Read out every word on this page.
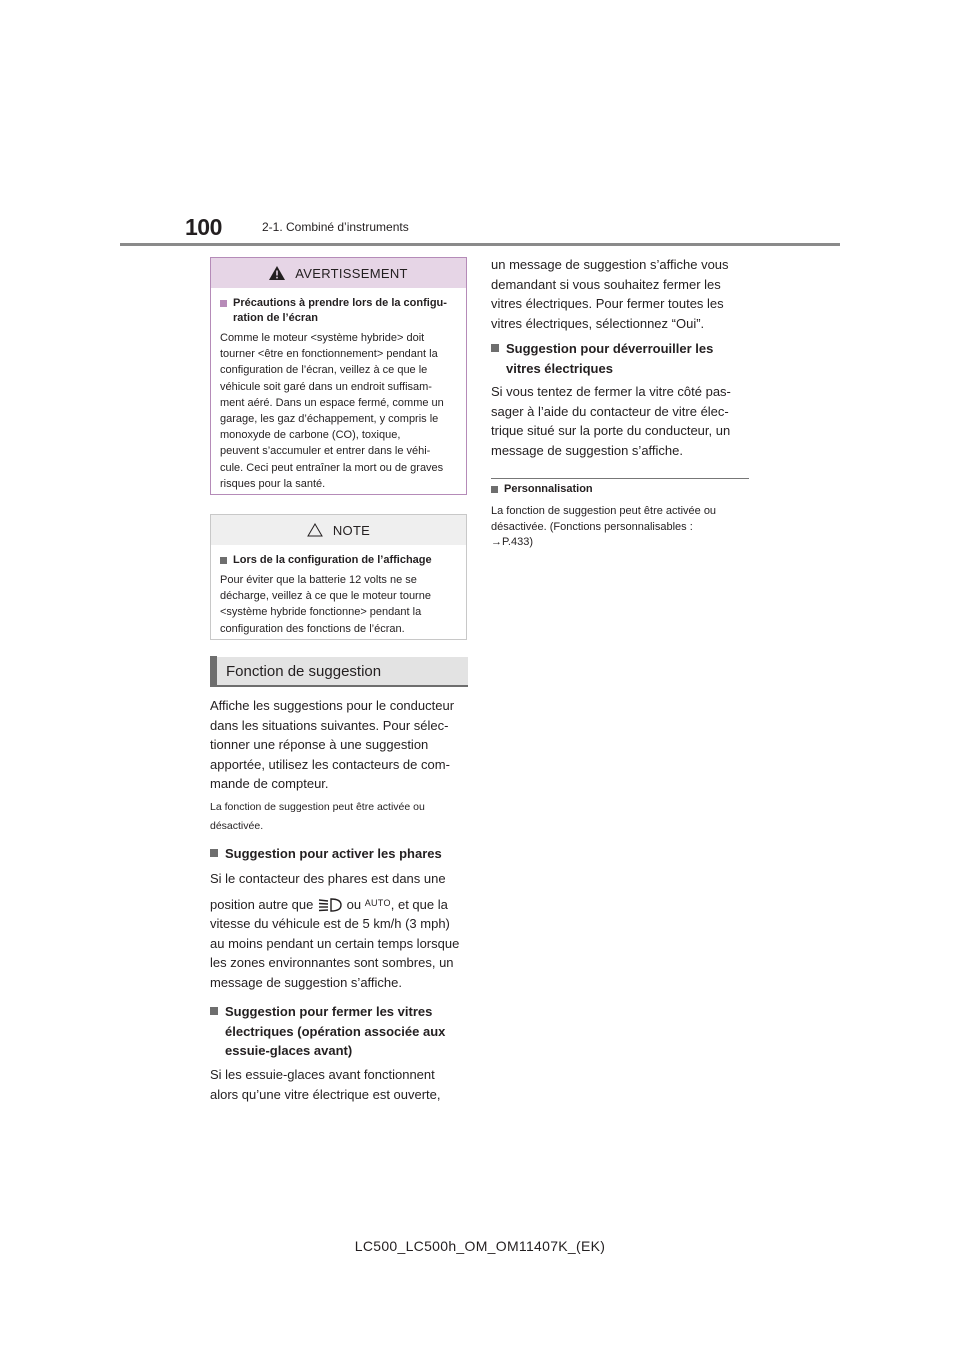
100	2-1. Combiné d’instruments
AVERTISSEMENT
Précautions à prendre lors de la configu-
ration de l’écran
Comme le moteur <système hybride> doit
tourner <être en fonctionnement> pendant la
configuration de l’écran, veillez à ce que le
véhicule soit garé dans un endroit suffisam-
ment aéré. Dans un espace fermé, comme un
garage, les gaz d’échappement, y compris le
monoxyde de carbone (CO), toxique,
peuvent s’accumuler et entrer dans le véhi-
cule. Ceci peut entraîner la mort ou de graves
risques pour la santé.
NOTE
Lors de la configuration de l’affichage
Pour éviter que la batterie 12 volts ne se
décharge, veillez à ce que le moteur tourne
<système hybride fonctionne> pendant la
configuration des fonctions de l’écran.
Fonction de suggestion
Affiche les suggestions pour le conducteur
dans les situations suivantes. Pour sélec-
tionner une réponse à une suggestion
apportée, utilisez les contacteurs de com-
mande de compteur.
La fonction de suggestion peut être activée ou
désactivée.
Suggestion pour activer les phares
Si le contacteur des phares est dans une
position autre que	ou $^{AUTO}$, et que la
vitesse du véhicule est de 5 km/h (3 mph)
au moins pendant un certain temps lorsque
les zones environnantes sont sombres, un
message de suggestion s’affiche.
Suggestion pour fermer les vitres
électriques (opération associée aux
essuie-glaces avant)
Si les essuie-glaces avant fonctionnent
alors qu’une vitre électrique est ouverte,
un message de suggestion s’affiche vous
demandant si vous souhaitez fermer les
vitres électriques. Pour fermer toutes les
vitres électriques, sélectionnez “Oui”.
Suggestion pour déverrouiller les
vitres électriques
Si vous tentez de fermer la vitre côté pas-
sager à l’aide du contacteur de vitre élec-
trique situé sur la porte du conducteur, un
message de suggestion s’affiche.
Personnalisation
La fonction de suggestion peut être activée ou
désactivée. (Fonctions personnalisables :
→P.433)
LC500_LC500h_OM_OM11407K_(EK)
